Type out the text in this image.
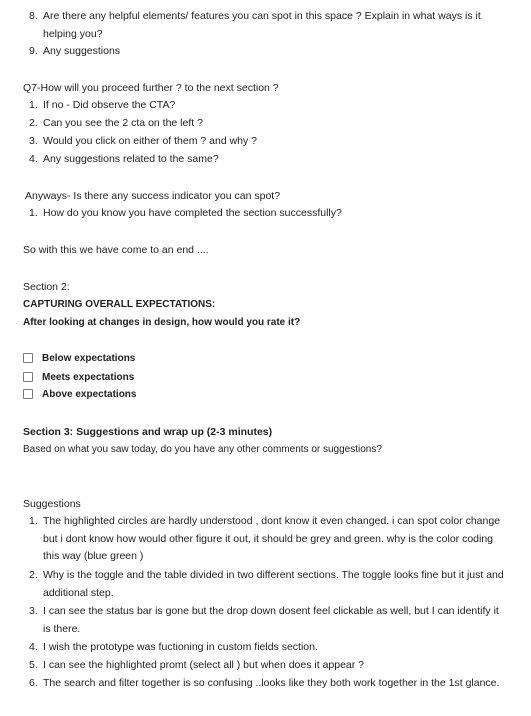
8. Are there any helpful elements/ features you can spot in this space ? Explain in what ways is it helping you?
9. Any suggestions
Q7-How will you proceed further ? to the next section ?
1. If no - Did observe the CTA?
2. Can you see the 2 cta on the left ?
3. Would you click on either of them ? and why ?
4. Any suggestions related to the same?
Anyways- Is there any success indicator you can spot?
1. How do you know you have completed the section successfully?
So with this we have come to an end ....
Section 2:
CAPTURING OVERALL EXPECTATIONS:
After looking at changes in design, how would you rate it?
Below expectations
Meets expectations
Above expectations
Section 3: Suggestions and wrap up (2-3 minutes)
Based on what you saw today, do you have any other comments or suggestions?
Suggestions
1. The highlighted circles are hardly understood , dont know it even changed. i can spot color change but i dont know how would other figure it out, it should be grey and green. why is the color coding this way (blue green )
2. Why is the toggle and the table divided in two different sections. The toggle looks fine but it just and additional step.
3. I can see the status bar is gone but the drop down dosent feel clickable as well, but I can identify it is there.
4. I wish the prototype was fuctioning in custom fields section.
5. I can see the highlighted promt (select all ) but when does it appear ?
6. The search and filter together is so confusing ..looks like they both work together in the 1st glance.
